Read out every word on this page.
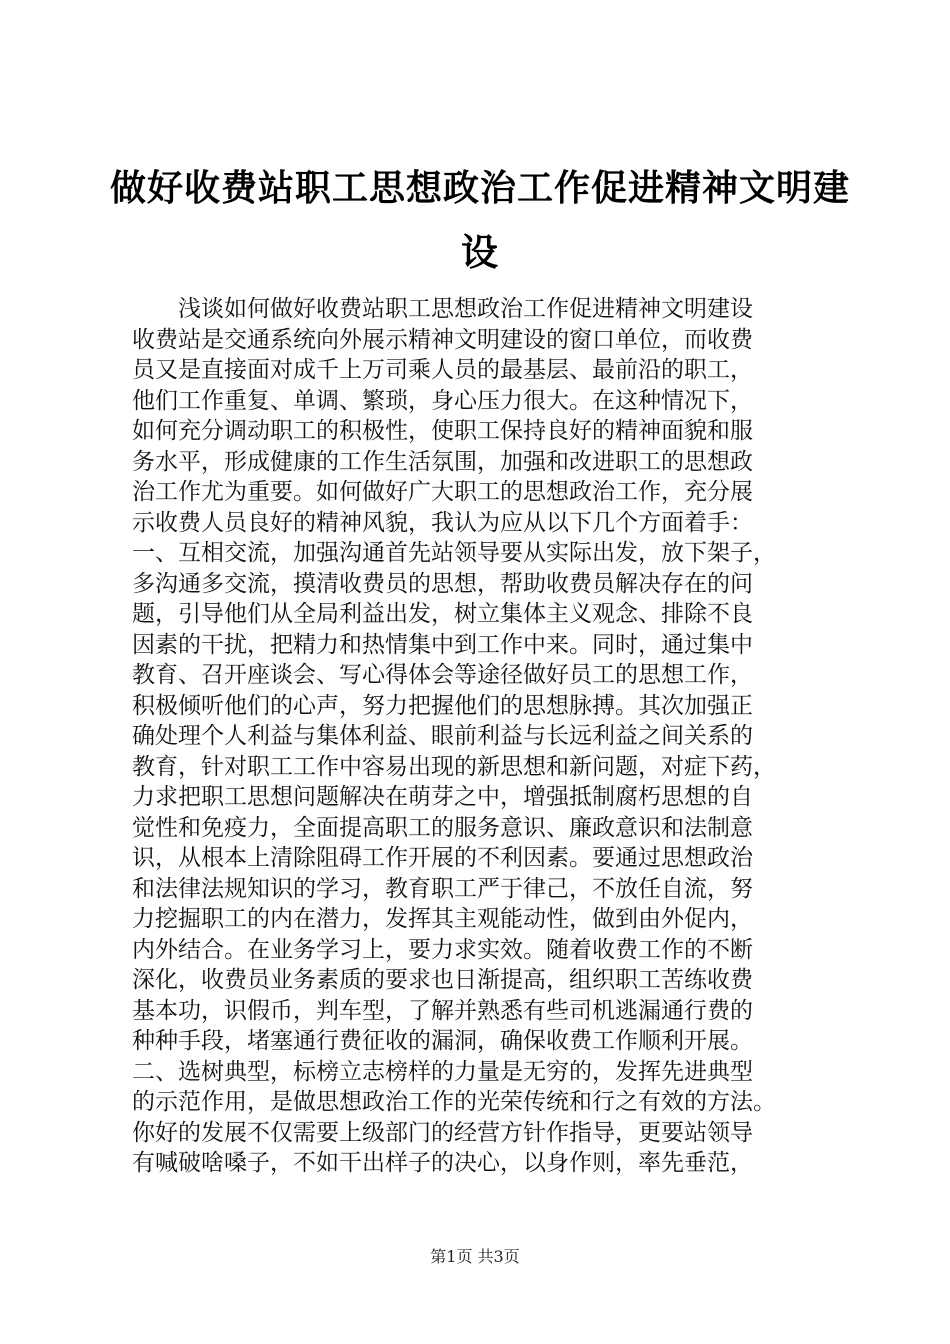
做好收费站职工思想政治工作促进精神文明建
设
　　浅谈如何做好收费站职工思想政治工作促进精神文明建设
收费站是交通系统向外展示精神文明建设的窗口单位，而收费
员又是直接面对成千上万司乘人员的最基层、最前沿的职工，
他们工作重复、单调、繁琐，身心压力很大。在这种情况下，
如何充分调动职工的积极性，使职工保持良好的精神面貌和服
务水平，形成健康的工作生活氛围，加强和改进职工的思想政
治工作尤为重要。如何做好广大职工的思想政治工作，充分展
示收费人员良好的精神风貌，我认为应从以下几个方面着手：
一、互相交流，加强沟通首先站领导要从实际出发，放下架子，
多沟通多交流，摸清收费员的思想，帮助收费员解决存在的问
题，引导他们从全局利益出发，树立集体主义观念、排除不良
因素的干扰，把精力和热情集中到工作中来。同时，通过集中
教育、召开座谈会、写心得体会等途径做好员工的思想工作，
积极倾听他们的心声，努力把握他们的思想脉搏。其次加强正
确处理个人利益与集体利益、眼前利益与长远利益之间关系的
教育，针对职工工作中容易出现的新思想和新问题，对症下药，
力求把职工思想问题解决在萌芽之中，增强抵制腐朽思想的自
觉性和免疫力，全面提高职工的服务意识、廉政意识和法制意
识，从根本上清除阻碍工作开展的不利因素。要通过思想政治
和法律法规知识的学习，教育职工严于律己，不放任自流，努
力挖掘职工的内在潜力，发挥其主观能动性，做到由外促内，
内外结合。在业务学习上，要力求实效。随着收费工作的不断
深化，收费员业务素质的要求也日渐提高，组织职工苦练收费
基本功，识假币，判车型，了解并熟悉有些司机逃漏通行费的
种种手段，堵塞通行费征收的漏洞，确保收费工作顺利开展。
二、选树典型，标榜立志榜样的力量是无穷的，发挥先进典型
的示范作用，是做思想政治工作的光荣传统和行之有效的方法。
你好的发展不仅需要上级部门的经营方针作指导，更要站领导
有喊破啥嗓子，不如干出样子的决心，以身作则，率先垂范，
第1页 共3页
